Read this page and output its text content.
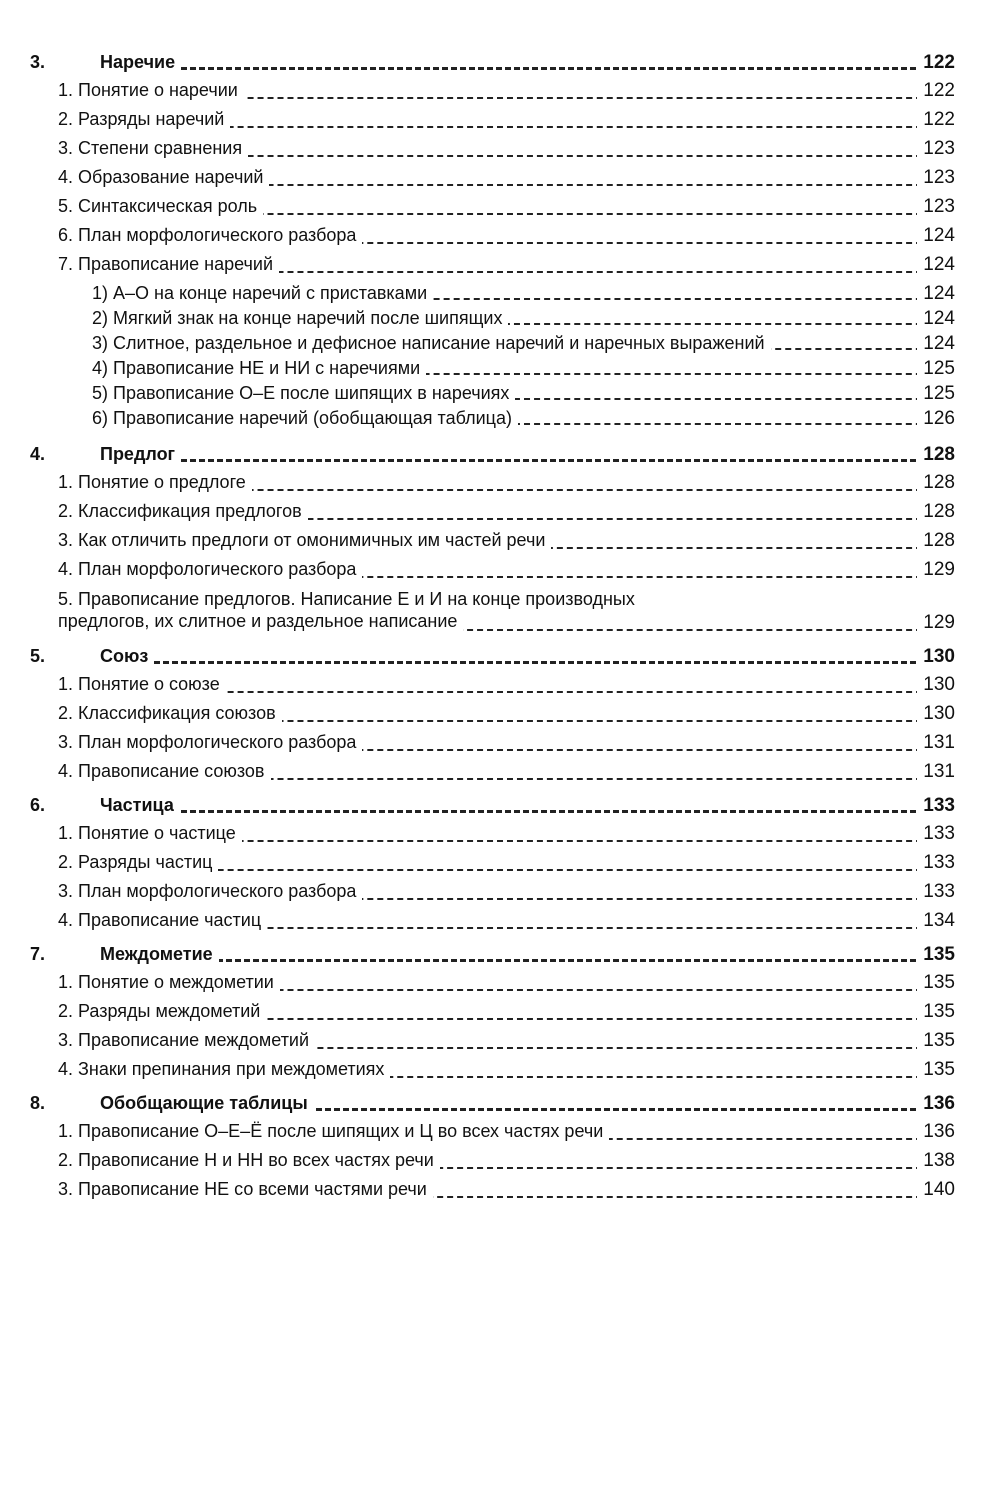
3.	Наречие	122
1. Понятие о наречии	122
2. Разряды наречий	122
3. Степени сравнения	123
4. Образование наречий	123
5. Синтаксическая роль	123
6. План морфологического разбора	124
7. Правописание наречий	124
1) А–О на конце наречий с приставками	124
2) Мягкий знак на конце наречий после шипящих	124
3) Слитное, раздельное и дефисное написание наречий и наречных выражений	124
4) Правописание НЕ и НИ с наречиями	125
5) Правописание О–Е после шипящих в наречиях	125
6) Правописание наречий (обобщающая таблица)	126
4.	Предлог	128
1. Понятие о предлоге	128
2. Классификация предлогов	128
3. Как отличить предлоги от омонимичных им частей речи	128
4. План морфологического разбора	129
5. Правописание предлогов. Написание Е и И на конце производных
предлогов, их слитное и раздельное написание	129
5.	Союз	130
1. Понятие о союзе	130
2. Классификация союзов	130
3. План морфологического разбора	131
4. Правописание союзов	131
6.	Частица	133
1. Понятие о частице	133
2. Разряды частиц	133
3. План морфологического разбора	133
4. Правописание частиц	134
7.	Междометие	135
1. Понятие о междометии	135
2. Разряды междометий	135
3. Правописание междометий	135
4. Знаки препинания при междометиях	135
8.	Обобщающие таблицы	136
1. Правописание О–Е–Ё после шипящих и Ц во всех частях речи	136
2. Правописание Н и НН во всех частях речи	138
3. Правописание НЕ со всеми частями речи	140
